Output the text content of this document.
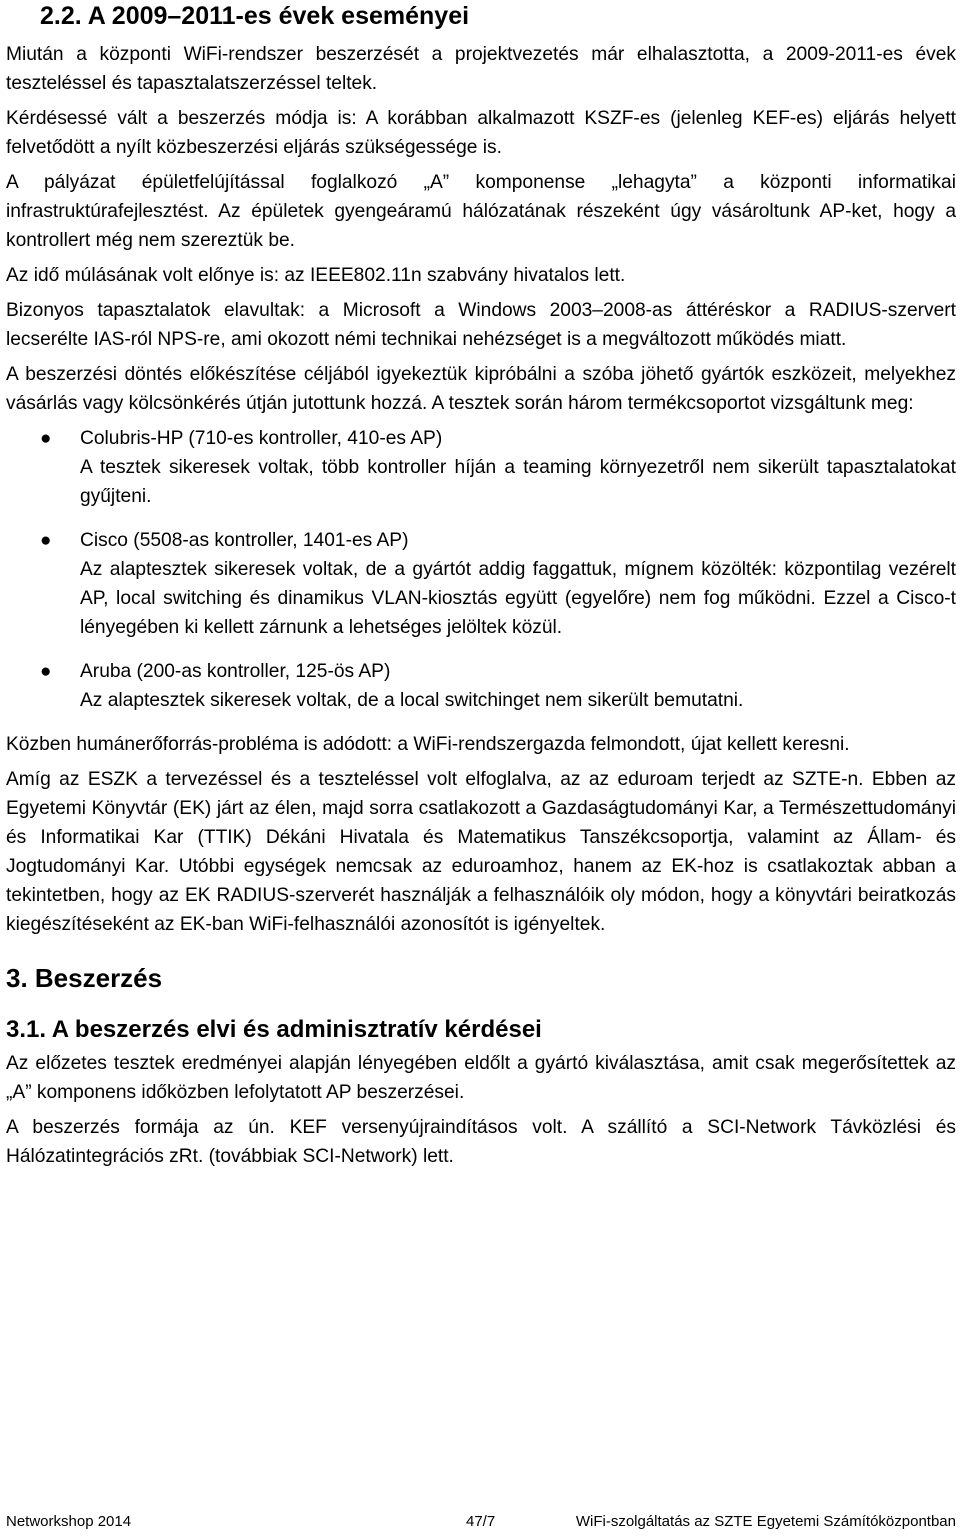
2.2. A 2009–2011-es évek eseményei

Miután a központi WiFi-rendszer beszerzését a projektvezetés már elhalasztotta, a 2009-2011-es évek teszteléssel és tapasztalatszerzéssel teltek.

Kérdésessé vált a beszerzés módja is: A korábban alkalmazott KSZF-es (jelenleg KEF-es) eljárás helyett felvetődött a nyílt közbeszerzési eljárás szükségessége is.

A pályázat épületfelújítással foglalkozó „A” komponense „lehagyta” a központi informatikai infrastruktúrafejlesztést. Az épületek gyengeáramú hálózatának részeként úgy vásároltunk AP-ket, hogy a kontrollert még nem szereztük be.

Az idő múlásának volt előnye is: az IEEE802.11n szabvány hivatalos lett.

Bizonyos tapasztalatok elavultak: a Microsoft a Windows 2003–2008-as áttéréskor a RADIUS-szervert lecserélte IAS-ról NPS-re, ami okozott némi technikai nehézséget is a megváltozott működés miatt.

A beszerzési döntés előkészítése céljából igyekeztük kipróbálni a szóba jöhető gyártók eszközeit, melyekhez vásárlás vagy kölcsönkérés útján jutottunk hozzá. A tesztek során három termékcsoportot vizsgáltunk meg:

● Colubris-HP (710-es kontroller, 410-es AP)
A tesztek sikeresek voltak, több kontroller híján a teaming környezetről nem sikerült tapasztalatokat gyűjteni.
● Cisco (5508-as kontroller, 1401-es AP)
Az alaptesztek sikeresek voltak, de a gyártót addig faggattuk, mígnem közölték: központilag vezérelt AP, local switching és dinamikus VLAN-kiosztás együtt (egyelőre) nem fog működni. Ezzel a Cisco-t lényegében ki kellett zárnunk a lehetséges jelöltek közül.
● Aruba (200-as kontroller, 125-ös AP)
Az alaptesztek sikeresek voltak, de a local switchinget nem sikerült bemutatni.

Közben humánerőforrás-probléma is adódott: a WiFi-rendszergazda felmondott, újat kellett keresni.

Amíg az ESZK a tervezéssel és a teszteléssel volt elfoglalva, az az eduroam terjedt az SZTE-n. Ebben az Egyetemi Könyvtár (EK) járt az élen, majd sorra csatlakozott a Gazdaságtudományi Kar, a Természettudományi és Informatikai Kar (TTIK) Dékáni Hivatala és Matematikus Tanszékcsoportja, valamint az Állam- és Jogtudományi Kar. Utóbbi egységek nemcsak az eduroamhoz, hanem az EK-hoz is csatlakoztak abban a tekintetben, hogy az EK RADIUS-szerverét használják a felhasználóik oly módon, hogy a könyvtári beiratkozás kiegészítéseként az EK-ban WiFi-felhasználói azonosítót is igényeltek.

3. Beszerzés
3.1. A beszerzés elvi és adminisztratív kérdései

Az előzetes tesztek eredményei alapján lényegében eldőlt a gyártó kiválasztása, amit csak megerősítettek az „A” komponens időközben lefolytatott AP beszerzései.

A beszerzés formája az ún. KEF versenyújraindításos volt. A szállító a SCI-Network Távközlési és Hálózatintegrációs zRt. (továbbiak SCI-Network) lett.

Networkshop 2014	47/7	WiFi-szolgáltatás az SZTE Egyetemi Számítóközpontban
